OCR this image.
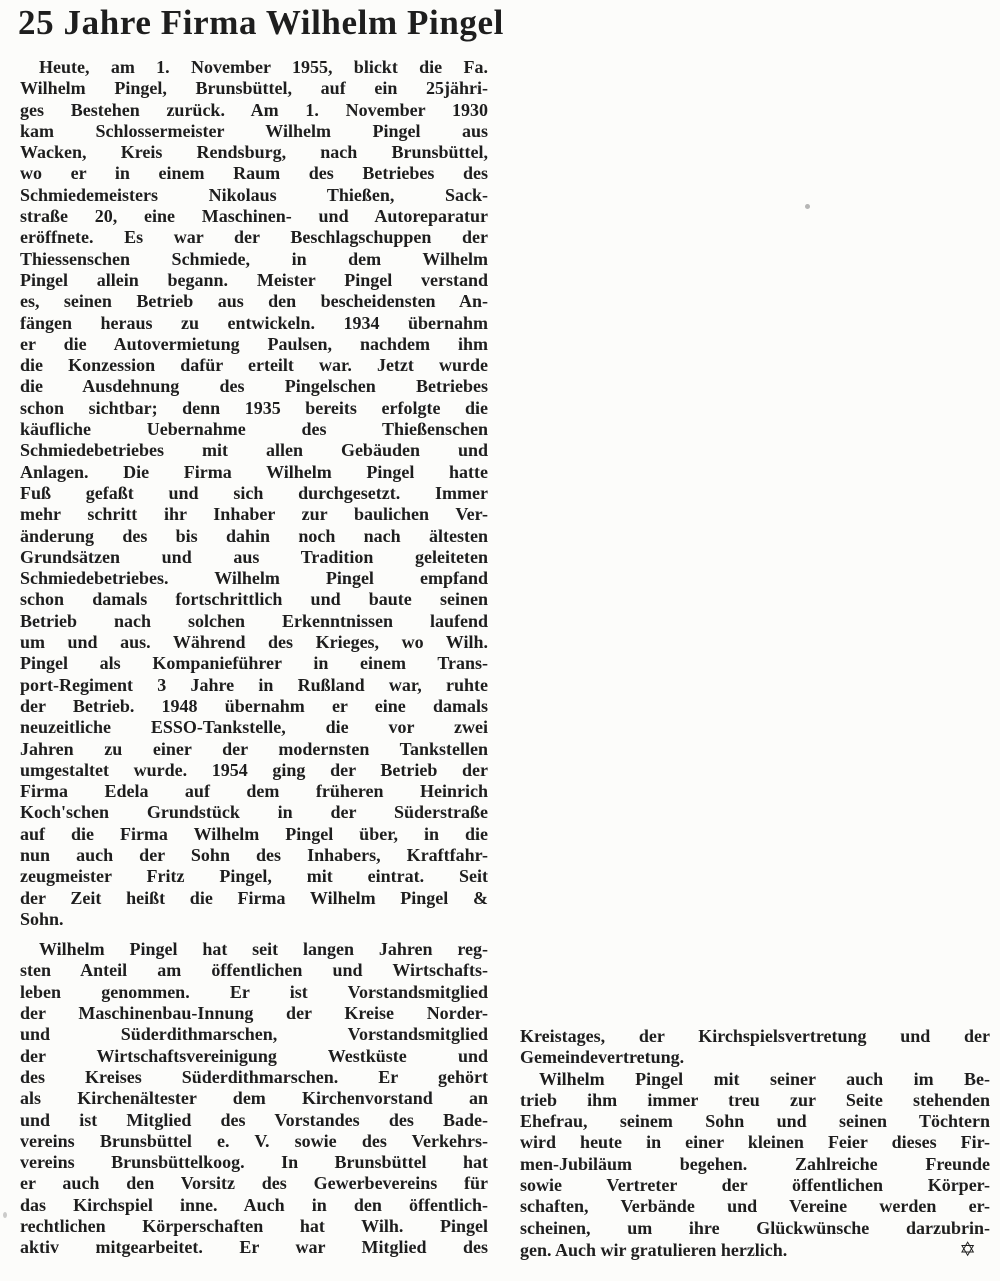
25 Jahre Firma Wilhelm Pingel
Heute, am 1. November 1955, blickt die Fa.
Wilhelm Pingel, Brunsbüttel, auf ein 25jähri-
ges Bestehen zurück. Am 1. November 1930
kam Schlossermeister Wilhelm Pingel aus
Wacken, Kreis Rendsburg, nach Brunsbüttel,
wo er in einem Raum des Betriebes des
Schmiedemeisters Nikolaus Thießen, Sack-
straße 20, eine Maschinen- und Autoreparatur
eröffnete. Es war der Beschlagschuppen der
Thiessenschen Schmiede, in dem Wilhelm
Pingel allein begann. Meister Pingel verstand
es, seinen Betrieb aus den bescheidensten An-
fängen heraus zu entwickeln. 1934 übernahm
er die Autovermietung Paulsen, nachdem ihm
die Konzession dafür erteilt war. Jetzt wurde
die Ausdehnung des Pingelschen Betriebes
schon sichtbar; denn 1935 bereits erfolgte die
käufliche Uebernahme des Thießenschen
Schmiedebetriebes mit allen Gebäuden und
Anlagen. Die Firma Wilhelm Pingel hatte
Fuß gefaßt und sich durchgesetzt. Immer
mehr schritt ihr Inhaber zur baulichen Ver-
änderung des bis dahin noch nach ältesten
Grundsätzen und aus Tradition geleiteten
Schmiedebetriebes. Wilhelm Pingel empfand
schon damals fortschrittlich und baute seinen
Betrieb nach solchen Erkenntnissen laufend
um und aus. Während des Krieges, wo Wilh.
Pingel als Kompanieführer in einem Trans-
port-Regiment 3 Jahre in Rußland war, ruhte
der Betrieb. 1948 übernahm er eine damals
neuzeitliche ESSO-Tankstelle, die vor zwei
Jahren zu einer der modernsten Tankstellen
umgestaltet wurde. 1954 ging der Betrieb der
Firma Edela auf dem früheren Heinrich
Koch'schen Grundstück in der Süderstraße
auf die Firma Wilhelm Pingel über, in die
nun auch der Sohn des Inhabers, Kraftfahr-
zeugmeister Fritz Pingel, mit eintrat. Seit
der Zeit heißt die Firma Wilhelm Pingel &
Sohn.
Wilhelm Pingel hat seit langen Jahren reg-
sten Anteil am öffentlichen und Wirtschafts-
leben genommen. Er ist Vorstandsmitglied
der Maschinenbau-Innung der Kreise Norder-
und Süderdithmarschen, Vorstandsmitglied
der Wirtschaftsvereinigung Westküste und
des Kreises Süderdithmarschen. Er gehört
als Kirchenältester dem Kirchenvorstand an
und ist Mitglied des Vorstandes des Bade-
vereins Brunsbüttel e. V. sowie des Verkehrs-
vereins Brunsbüttelkoog. In Brunsbüttel hat
er auch den Vorsitz des Gewerbevereins für
das Kirchspiel inne. Auch in den öffentlich-
rechtlichen Körperschaften hat Wilh. Pingel
aktiv mitgearbeitet. Er war Mitglied des
Kreistages, der Kirchspielsvertretung und der
Gemeindevertretung.
Wilhelm Pingel mit seiner auch im Be-
trieb ihm immer treu zur Seite stehenden
Ehefrau, seinem Sohn und seinen Töchtern
wird heute in einer kleinen Feier dieses Fir-
men-Jubiläum begehen. Zahlreiche Freunde
sowie Vertreter der öffentlichen Körper-
schaften, Verbände und Vereine werden er-
scheinen, um ihre Glückwünsche darzubrin-
gen. Auch wir gratulieren herzlich.	✡
